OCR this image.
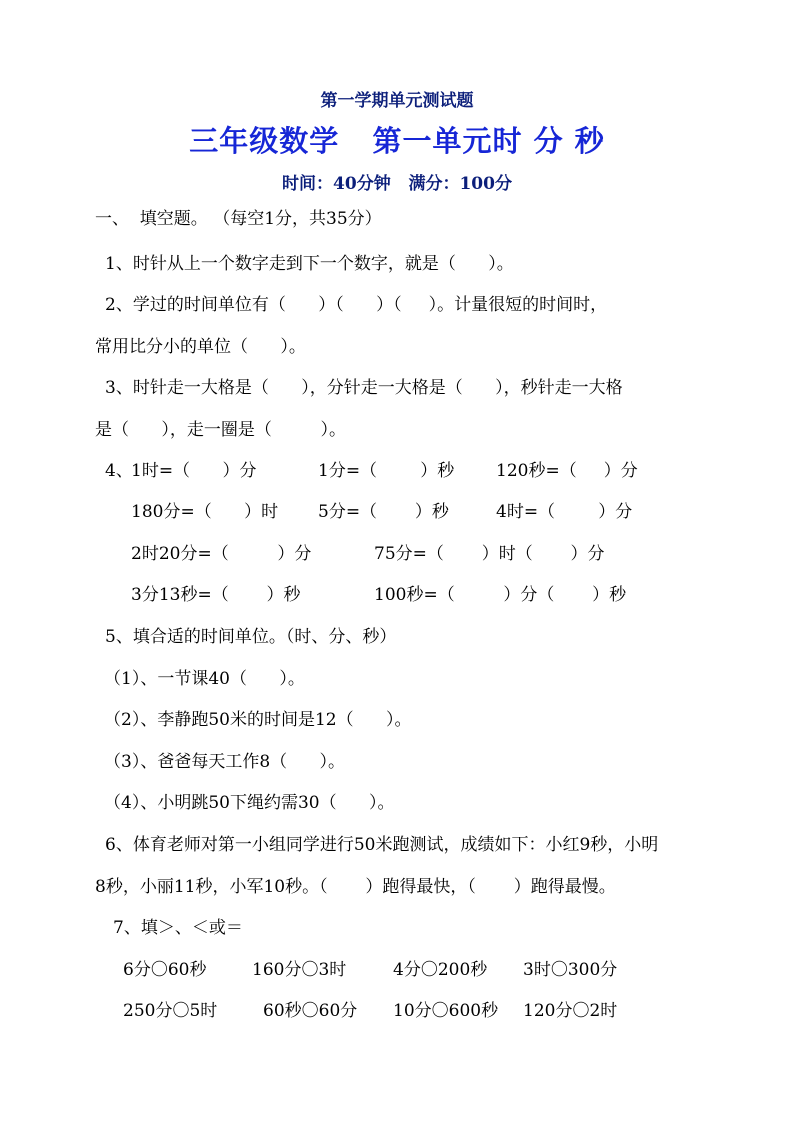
第一学期单元测试题
三年级数学   第一单元时 分 秒
时间：40分钟   满分：100分
一、  填空题。 （每空1分，共35分）
1、时针从上一个数字走到下一个数字，就是（      ）。
2、学过的时间单位有（      ）（      ）（     ）。计量很短的时间时，
常用比分小的单位（      ）。
3、时针走一大格是（      ），分针走一大格是（      ），秒针走一大格
是（      ），走一圈是（         ）。
4、
1时=（      ）分	1分=（        ）秒 120秒=（     ）分
180分=（      ）时 5分=（       ）秒	4时=（        ）分
2时20分=（         ）分	75分=（       ）时（       ）分
3分13秒=（       ）秒	100秒=（         ）分（       ）秒
5、填合适的时间单位。（时、分、秒）
（1）、一节课40（      ）。
（2）、李静跑50米的时间是12（      ）。
（3）、爸爸每天工作8（      ）。
（4）、小明跳50下绳约需30（      ）。
6、体育老师对第一小组同学进行50米跑测试，成绩如下：小红9秒，小明
8秒，小丽11秒，小军10秒。（       ）跑得最快，（       ）跑得最慢。
7、填＞、＜或＝
6分〇60秒	160分〇3时	4分〇200秒 3时〇300分
250分〇5时	60秒〇60分 10分〇600秒 120分〇2时
